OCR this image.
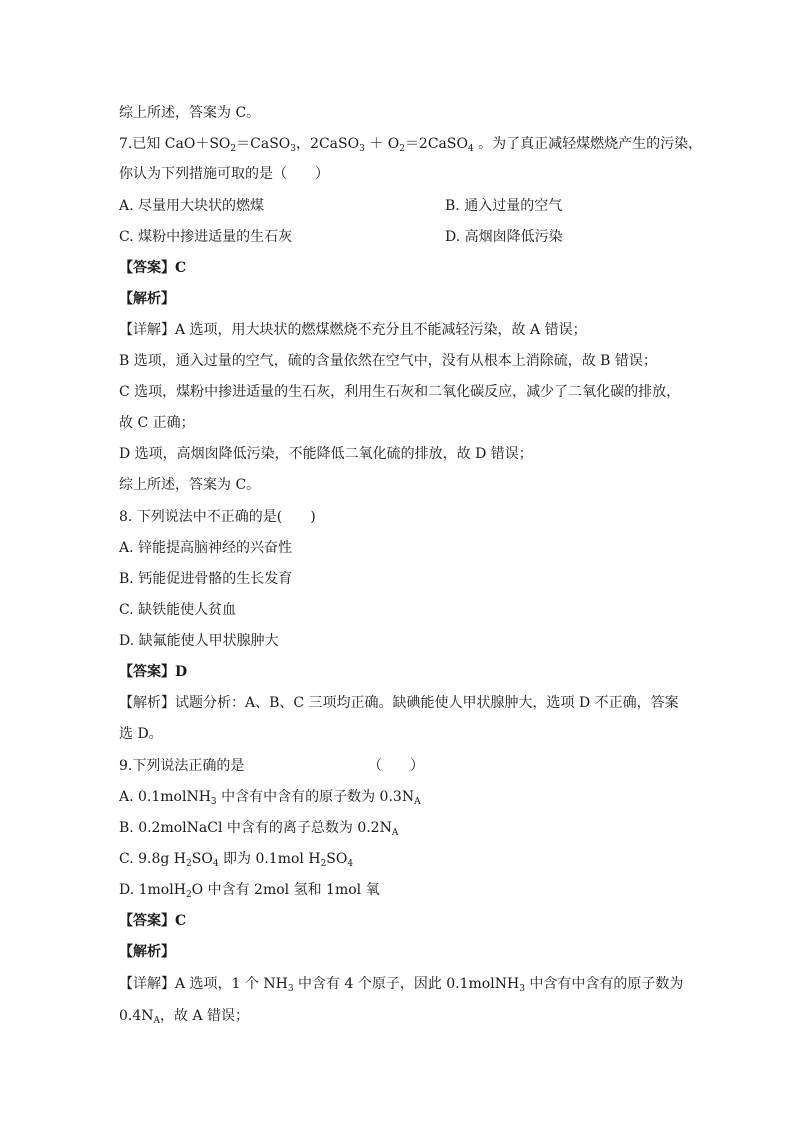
综上所述，答案为 C。
7.已知 $CaO+SO_2=CaSO_3$，2CaSO$_3$ ＋ $O_2=2CaSO_4$ 。为了真正减轻煤燃烧产生的污染，
你认为下列措施可取的是（　　）
A. 尽量用大块状的燃煤	B. 通入过量的空气
C. 煤粉中掺进适量的生石灰	D. 高烟囱降低污染
【答案】C
【解析】
【详解】A 选项，用大块状的燃煤燃烧不充分且不能减轻污染，故 A 错误；
B 选项，通入过量的空气，硫的含量依然在空气中，没有从根本上消除硫，故 B 错误；
C 选项，煤粉中掺进适量的生石灰，利用生石灰和二氧化碳反应，减少了二氧化碳的排放，
故 C 正确；
D 选项，高烟囱降低污染，不能降低二氧化硫的排放，故 D 错误；
综上所述，答案为 C。
8. 下列说法中不正确的是(　　)
A. 锌能提高脑神经的兴奋性
B. 钙能促进骨骼的生长发育
C. 缺铁能使人贫血
D. 缺氟能使人甲状腺肿大
【答案】D
【解析】试题分析：A、B、C 三项均正确。缺碘能使人甲状腺肿大，选项 D 不正确，答案
选 D。
9.下列说法正确的是	（　　）
A. 0.1molNH$_3$ 中含有中含有的原子数为 $0.3N_A$
B. 0.2molNaCl 中含有的离子总数为 $0.2N_A$
C. 9.8g $H_2SO_4$ 即为 0.1mol $H_2SO_4$
D. 1molH$_2$O 中含有 2mol 氢和 1mol 氧
【答案】C
【解析】
【详解】A 选项，1 个 $NH_3$ 中含有 4 个原子，因此 0.1molNH$_3$ 中含有中含有的原子数为
$0.4N_A$，故 A 错误；
